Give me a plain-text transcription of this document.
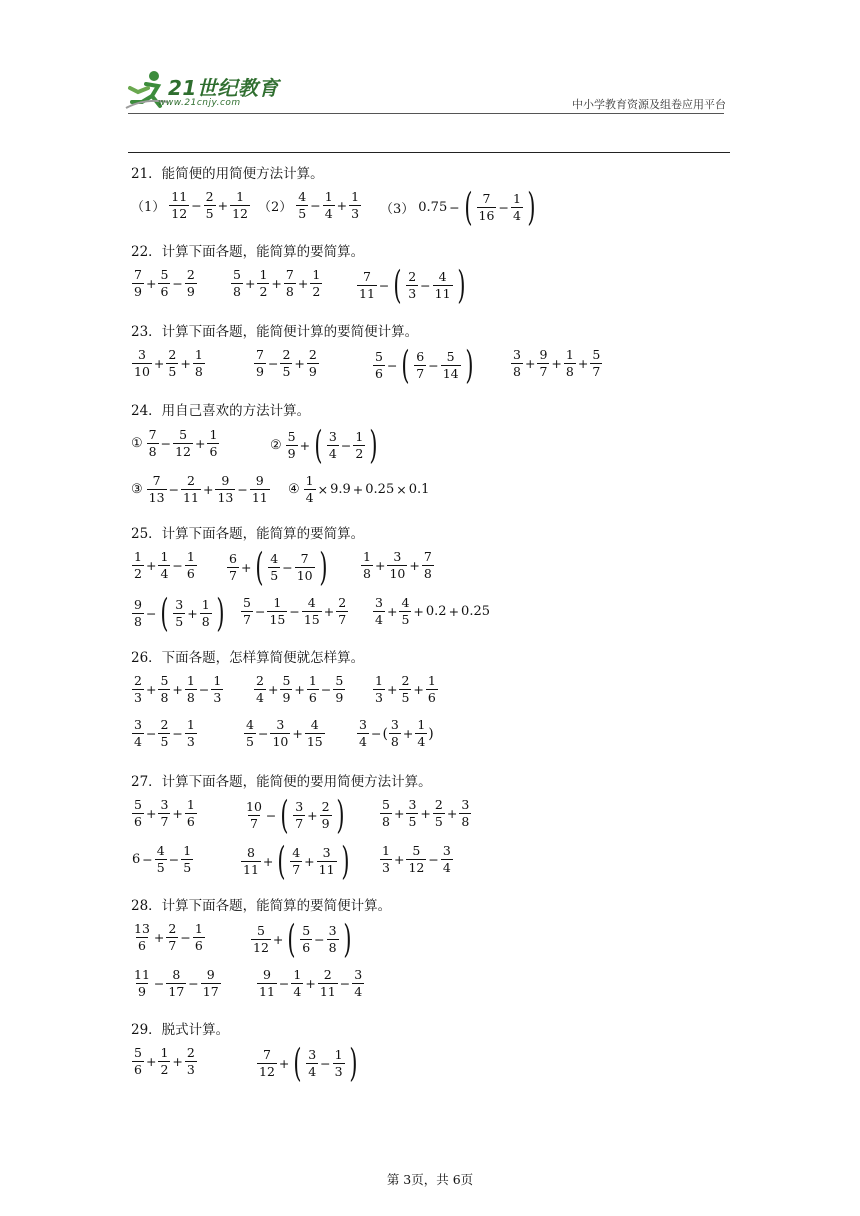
21世纪教育
www.21cnjy.com	中小学教育资源及组卷应用平台
21．能简便的用简便方法计算。
$(1) \frac{11}{12} - \frac{2}{5} + \frac{1}{12} (2) \frac{4}{5} - \frac{1}{4} + \frac{1}{3} (3) 0.75$ − ( $\frac{7}{16} - \frac{1}{4}$ )
22．计算下面各题，能简算的要简算。
$\frac{7}{9} + \frac{5}{6} - \frac{2}{9}$	$\frac{5}{8} + \frac{1}{2} + \frac{7}{8} + \frac{1}{2}$	$\frac{7}{11}$ − ( $\frac{2}{3} - \frac{4}{11}$ )
23．计算下面各题，能简便计算的要简便计算。
$\frac{3}{10} + \frac{2}{5} + \frac{1}{8}$	$\frac{7}{9} - \frac{2}{5} + \frac{2}{9}$	$\frac{5}{6}$ − ( $\frac{6}{7} - \frac{5}{14}$ )	$\frac{3}{8} + \frac{9}{7} + \frac{1}{8} + \frac{5}{7}$
24．用自己喜欢的方法计算。
① $\frac{7}{8} - \frac{5}{12} + \frac{1}{6}$	② $\frac{5}{9}$ + ( $\frac{3}{4} - \frac{1}{2}$ )
③ $\frac{7}{13} - \frac{2}{11} + \frac{9}{13} - \frac{9}{11}$ ④ $\frac{1}{4} \times 9.9 + 0.25 \times 0.1$
25．计算下面各题，能简算的要简算。
$\frac{1}{2} + \frac{1}{4} - \frac{1}{6} \frac{6}{7}$ + ( $\frac{4}{5} - \frac{7}{10}$ )	$\frac{1}{8} + \frac{3}{10} + \frac{7}{8}$
$\frac{9}{8}$ − ( $\frac{3}{5} + \frac{1}{8}$ ) $\frac{5}{7} - \frac{1}{15} - \frac{4}{15} + \frac{2}{7} \frac{3}{4} + \frac{4}{5} + 0.2 + 0.25$
26．下面各题，怎样算简便就怎样算。
$\frac{2}{3} + \frac{5}{8} + \frac{1}{8} - \frac{1}{3} \frac{2}{4} + \frac{5}{9} + \frac{1}{6} - \frac{5}{9} \frac{1}{3} + \frac{2}{5} + \frac{1}{6}$
$\frac{3}{4} - \frac{2}{5} - \frac{1}{3}$	$\frac{4}{5} - \frac{3}{10} + \frac{4}{15}$	$\frac{3}{4}$ − ( $\frac{3}{8} + \frac{1}{4}$ )
27．计算下面各题，能简便的要用简便方法计算。
$\frac{5}{6} + \frac{3}{7} + \frac{1}{6}$	$\frac{10}{7}$ − ( $\frac{3}{7} + \frac{2}{9}$ )	$\frac{5}{8} + \frac{3}{5} + \frac{2}{5} + \frac{3}{8}$
$6 - \frac{4}{5} - \frac{1}{5}$	$\frac{8}{11}$ + ( $\frac{4}{7} + \frac{3}{11}$ ) $\frac{1}{3} + \frac{5}{12} - \frac{3}{4}$
28．计算下面各题，能简算的要简便计算。
$\frac{13}{6} + \frac{2}{7} - \frac{1}{6}$	$\frac{5}{12}$ + ( $\frac{5}{6} - \frac{3}{8}$ )
$\frac{11}{9} - \frac{8}{17} - \frac{9}{17}$	$\frac{9}{11} - \frac{1}{4} + \frac{2}{11} - \frac{3}{4}$
29．脱式计算。
$\frac{5}{6} + \frac{1}{2} + \frac{2}{3}$	$\frac{7}{12}$ + ( $\frac{3}{4} - \frac{1}{3}$ )
第 3页，共 6页
